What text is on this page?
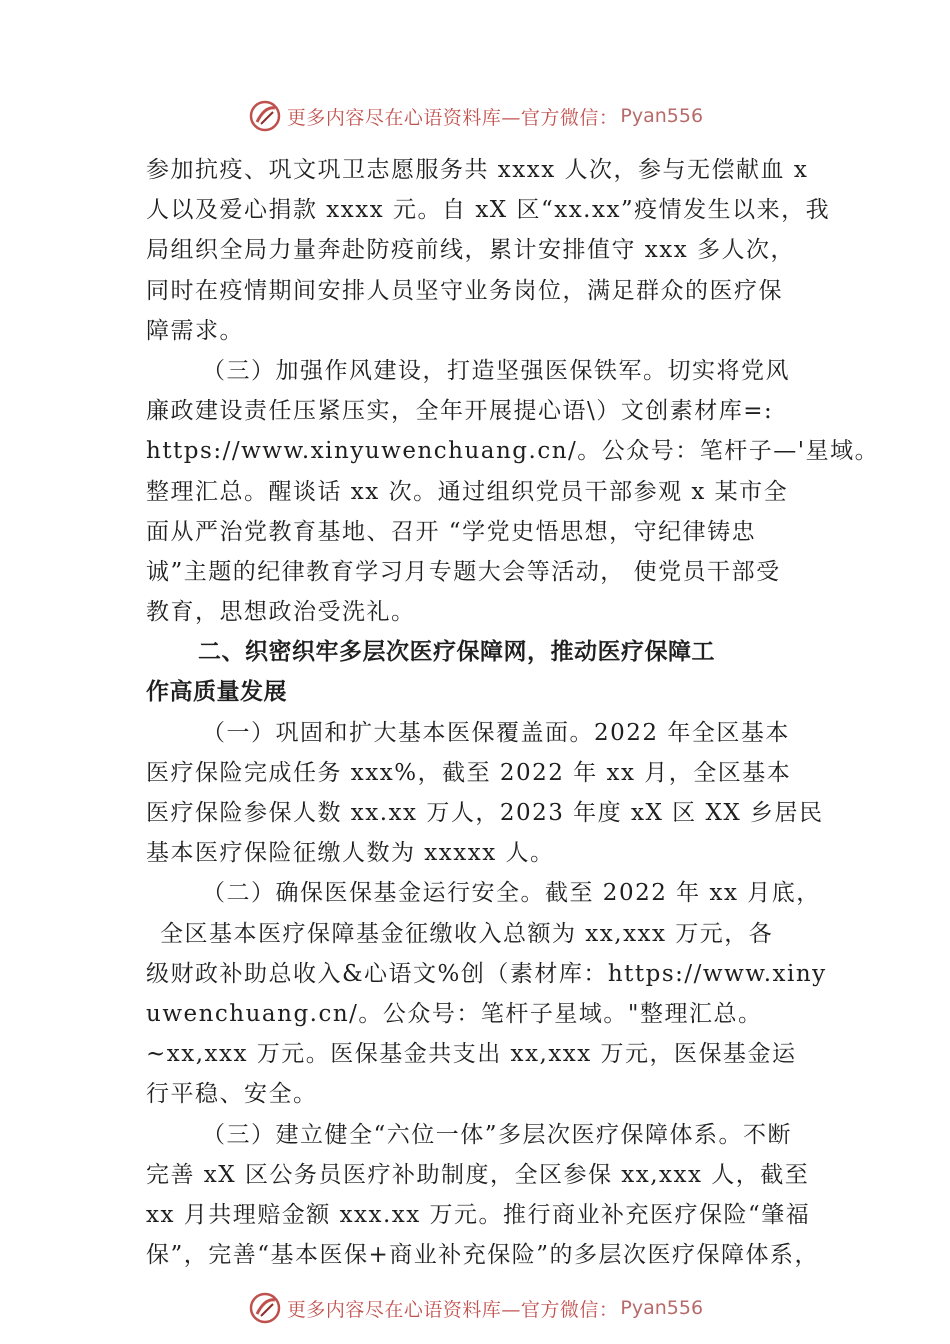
更多内容尽在心语资料库—官方微信： Pyan556
参加抗疫、巩文巩卫志愿服务共 xxxx 人次，参与无偿献血 x
人以及爱心捐款 xxxx 元。自 xX 区“xx.xx”疫情发生以来，我
局组织全局力量奔赴防疫前线，累计安排值守 xxx 多人次，
同时在疫情期间安排人员坚守业务岗位，满足群众的医疗保
障需求。
（三）加强作风建设，打造坚强医保铁军。切实将党风
廉政建设责任压紧压实，全年开展提心语\）文创素材库=:
https://www.xinyuwenchuang.cn/。公众号：笔杆子—'星域。
整理汇总。醒谈话 xx 次。通过组织党员干部参观 x 某市全
面从严治党教育基地、召开 “学党史悟思想，守纪律铸忠
诚”主题的纪律教育学习月专题大会等活动， 使党员干部受
教育，思想政治受洗礼。
二、织密织牢多层次医疗保障网，推动医疗保障工
作高质量发展
（一）巩固和扩大基本医保覆盖面。2022 年全区基本
医疗保险完成任务 xxx%，截至 2022 年 xx 月，全区基本
医疗保险参保人数 xx.xx 万人，2023 年度 xX 区 XX 乡居民
基本医疗保险征缴人数为 xxxxx 人。
（二）确保医保基金运行安全。截至 2022 年 xx 月底，
全区基本医疗保障基金征缴收入总额为 xx,xxx 万元，各
级财政补助总收入&心语文%创（素材库：https://www.xiny
uwenchuang.cn/。公众号：笔杆子星域。"整理汇总。
~xx,xxx 万元。医保基金共支出 xx,xxx 万元，医保基金运
行平稳、安全。
（三）建立健全“六位一体”多层次医疗保障体系。不断
完善 xX 区公务员医疗补助制度，全区参保 xx,xxx 人，截至
xx 月共理赔金额 xxx.xx 万元。推行商业补充医疗保险“肇福
保”，完善“基本医保+商业补充保险”的多层次医疗保障体系，
更多内容尽在心语资料库—官方微信： Pyan556
